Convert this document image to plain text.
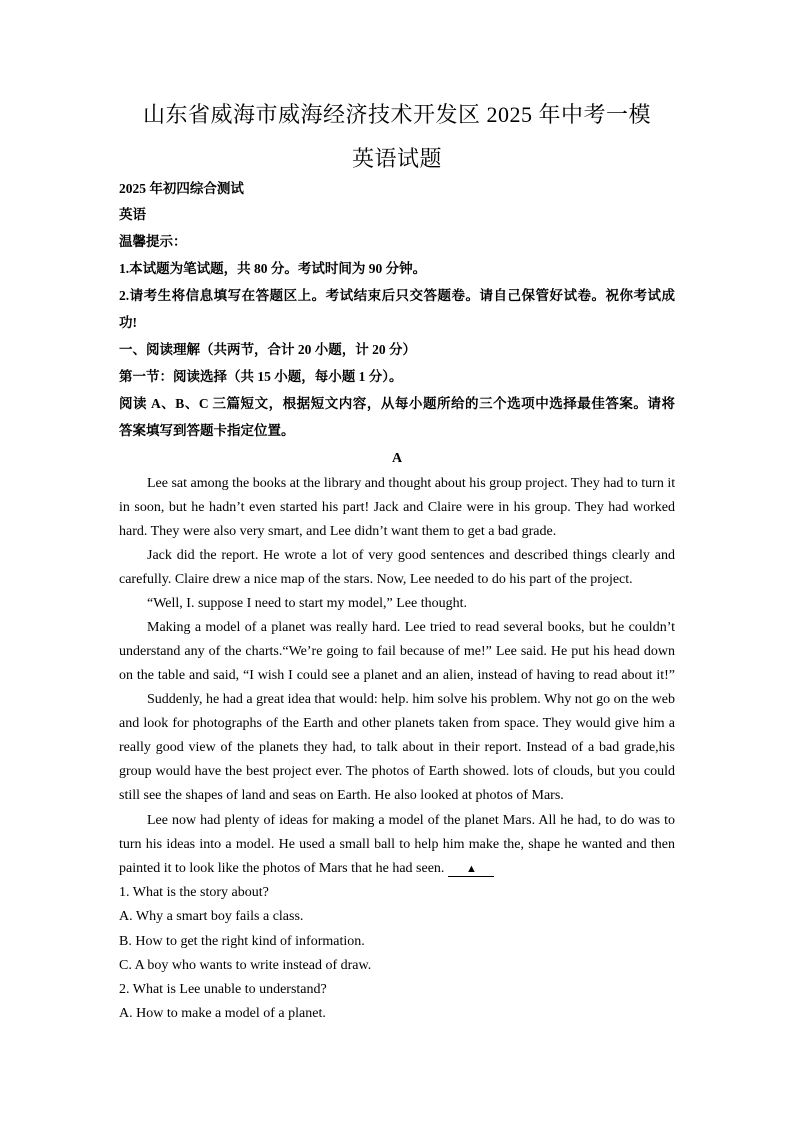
山东省威海市威海经济技术开发区 2025 年中考一模
英语试题
2025 年初四综合测试
英语
温馨提示：
1.本试题为笔试题，共 80 分。考试时间为 90 分钟。
2.请考生将信息填写在答题区上。考试结束后只交答题卷。请自己保管好试卷。祝你考试成
功!
一、阅读理解（共两节，合计 20 小题，计 20 分）
第一节：阅读选择（共 15 小题，每小题 1 分）。
阅读 A、B、C 三篇短文，根据短文内容，从每小题所给的三个选项中选择最佳答案。请将
答案填写到答题卡指定位置。
A
Lee sat among the books at the library and thought about his group project. They had to turn it
in soon, but he hadn’t even started his part! Jack and Claire were in his group. They had worked
hard. They were also very smart, and Lee didn’t want them to get a bad grade.
Jack did the report. He wrote a lot of very good sentences and described things clearly and
carefully. Claire drew a nice map of the stars. Now, Lee needed to do his part of the project.
“Well, I. suppose I need to start my model,” Lee thought.
Making a model of a planet was really hard. Lee tried to read several books, but he couldn’t
understand any of the charts.“We’re going to fail because of me!” Lee said. He put his head down
on the table and said, “I wish I could see a planet and an alien, instead of having to read about it!”
Suddenly, he had a great idea that would: help. him solve his problem. Why not go on the web
and look for photographs of the Earth and other planets taken from space. They would give him a
really good view of the planets they had, to talk about in their report. Instead of a bad grade,his
group would have the best project ever. The photos of Earth showed. lots of clouds, but you could
still see the shapes of land and seas on Earth. He also looked at photos of Mars.
Lee now had plenty of ideas for making a model of the planet Mars. All he had, to do was to
turn his ideas into a model. He used a small ball to help him make the, shape he wanted and then
painted it to look like the photos of Mars that he had seen. ▲
1. What is the story about?
A. Why a smart boy fails a class.
B. How to get the right kind of information.
C. A boy who wants to write instead of draw.
2. What is Lee unable to understand?
A. How to make a model of a planet.
